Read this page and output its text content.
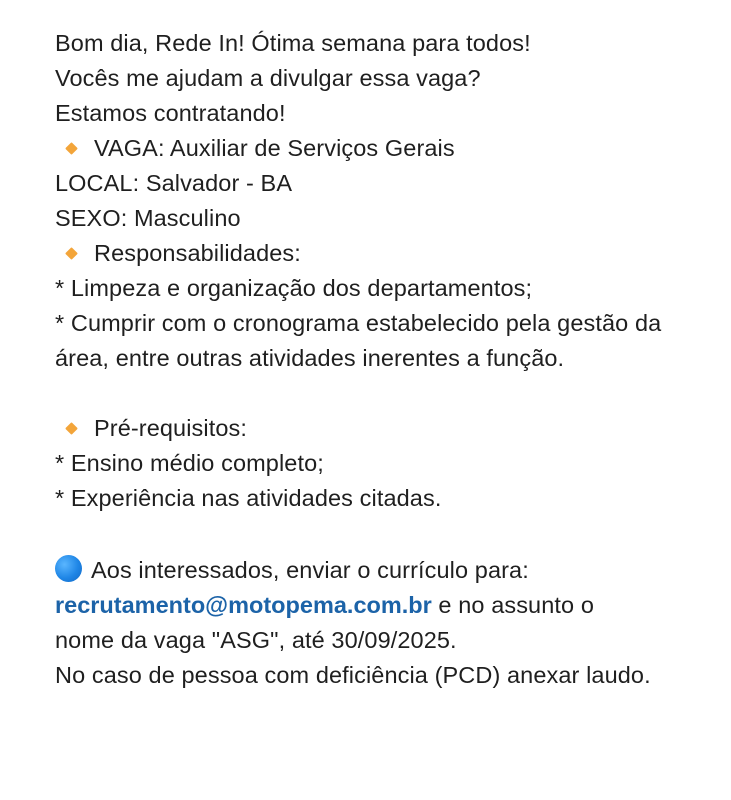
Bom dia, Rede In! Ótima semana para todos!
Vocês me ajudam a divulgar essa vaga?
Estamos contratando!
VAGA: Auxiliar de Serviços Gerais
LOCAL: Salvador - BA
SEXO: Masculino
Responsabilidades:
* Limpeza e organização dos departamentos;
* Cumprir com o cronograma estabelecido pela gestão da área, entre outras atividades inerentes a função.
Pré-requisitos:
* Ensino médio completo;
* Experiência nas atividades citadas.
Aos interessados, enviar o currículo para:
recrutamento@motopema.com.br e no assunto o
nome da vaga "ASG", até 30/09/2025.
No caso de pessoa com deficiência (PCD) anexar laudo.
